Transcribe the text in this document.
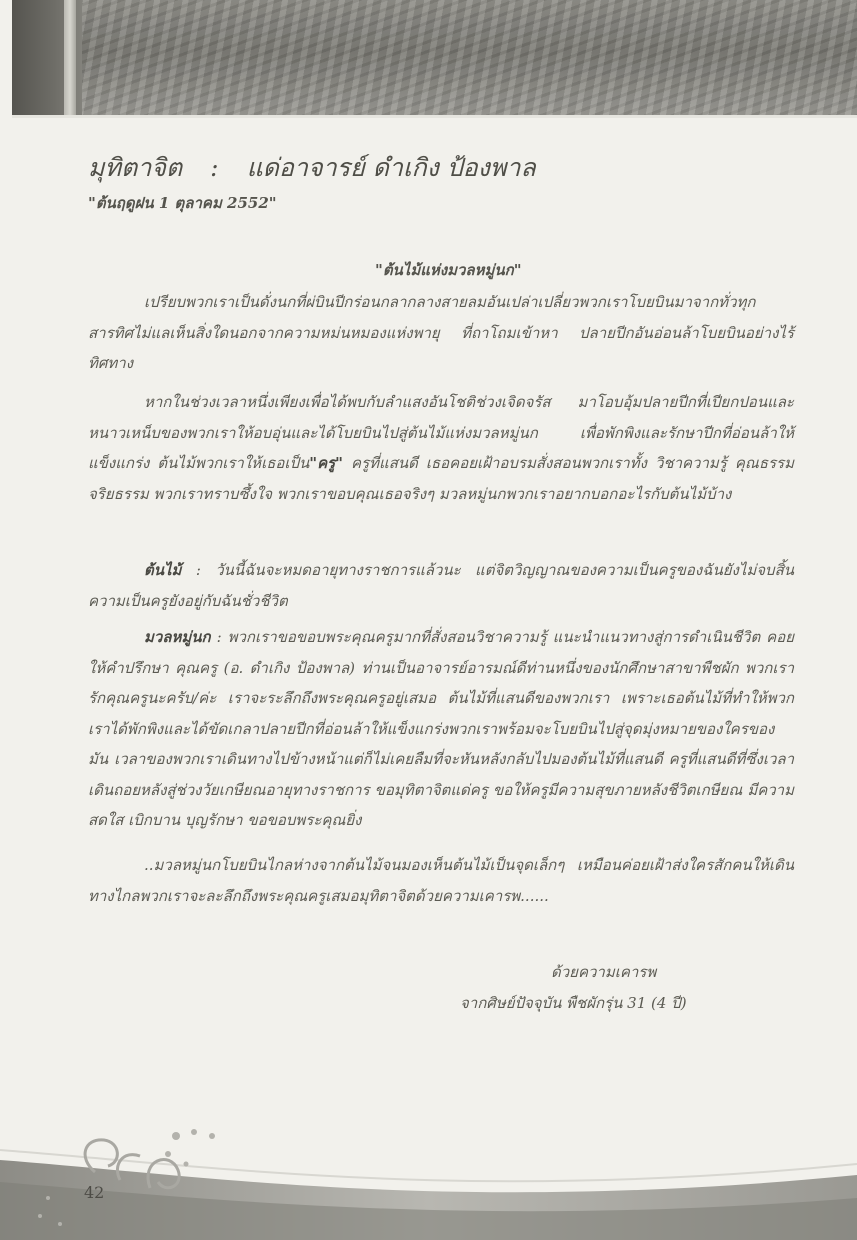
มุทิตาจิต : แด่อาจารย์ ดำเกิง ป้องพาล
"ต้นฤดูฝน 1 ตุลาคม 2552"
"ต้นไม้แห่งมวลหมู่นก"
เปรียบพวกเราเป็นดั่งนกที่ผ่บินปีกร่อนกลากลางสายลมอันเปล่าเปลี่ยวพวกเราโบยบินมาจากทั่วทุกสารทิศไม่แลเห็นสิ่งใดนอกจากความหม่นหมองแห่งพายุ ที่ถาโถมเข้าหา ปลายปีกอันอ่อนล้าโบยบินอย่างไร้ทิศทาง
หากในช่วงเวลาหนึ่งเพียงเพื่อได้พบกับลำแสงอันโชติช่วงเจิดจรัส มาโอบอุ้มปลายปีกที่เปียกปอนและหนาวเหน็บของพวกเราให้อบอุ่นและได้โบยบินไปสู่ต้นไม้แห่งมวลหมู่นก เพื่อพักพิงและรักษาปีกที่อ่อนล้าให้แข็งแกร่ง ต้นไม้พวกเราให้เธอเป็น"ครู" ครูที่แสนดี เธอคอยเฝ้าอบรมสั่งสอนพวกเราทั้ง วิชาความรู้ คุณธรรม จริยธรรม พวกเราทราบซึ้งใจ พวกเราขอบคุณเธอจริงๆ มวลหมู่นกพวกเราอยากบอกอะไรกับต้นไม้บ้าง
ต้นไม้ : วันนี้ฉันจะหมดอายุทางราชการแล้วนะ แต่จิตวิญญาณของความเป็นครูของฉันยังไม่จบสิ้นความเป็นครูยังอยู่กับฉันชั่วชีวิต
มวลหมู่นก : พวกเราขอขอบพระคุณครูมากที่สั่งสอนวิชาความรู้ แนะนำแนวทางสู่การดำเนินชีวิต คอยให้คำปรึกษา คุณครู (อ. ดำเกิง ป้องพาล) ท่านเป็นอาจารย์อารมณ์ดีท่านหนึ่งของนักศึกษาสาขาพืชผัก พวกเรารักคุณครูนะครับ/ค่ะ เราจะระลึกถึงพระคุณครูอยู่เสมอ ต้นไม้ที่แสนดีของพวกเรา เพราะเธอต้นไม้ที่ทำให้พวกเราได้พักพิงและได้ขัดเกลาปลายปีกที่อ่อนล้าให้แข็งแกร่งพวกเราพร้อมจะโบยบินไปสู่จุดมุ่งหมายของใครของมัน เวลาของพวกเราเดินทางไปข้างหน้าแต่ก็ไม่เคยลืมที่จะหันหลังกลับไปมองต้นไม้ที่แสนดี ครูที่แสนดีที่ซึ่งเวลาเดินถอยหลังสู่ช่วงวัยเกษียณอายุทางราชการ ขอมุทิตาจิตแด่ครู ขอให้ครูมีความสุขภายหลังชีวิตเกษียณ มีความสดใส เบิกบาน บุญรักษา ขอขอบพระคุณยิ่ง
..มวลหมู่นกโบยบินไกลห่างจากต้นไม้จนมองเห็นต้นไม้เป็นจุดเล็กๆ เหมือนค่อยเฝ้าส่งใครสักคนให้เดินทางไกลพวกเราจะละลึกถึงพระคุณครูเสมอมุทิตาจิตด้วยความเคารพ......
ด้วยความเคารพ
จากศิษย์ปัจจุบัน พืชผักรุ่น 31 (4 ปี)
42
